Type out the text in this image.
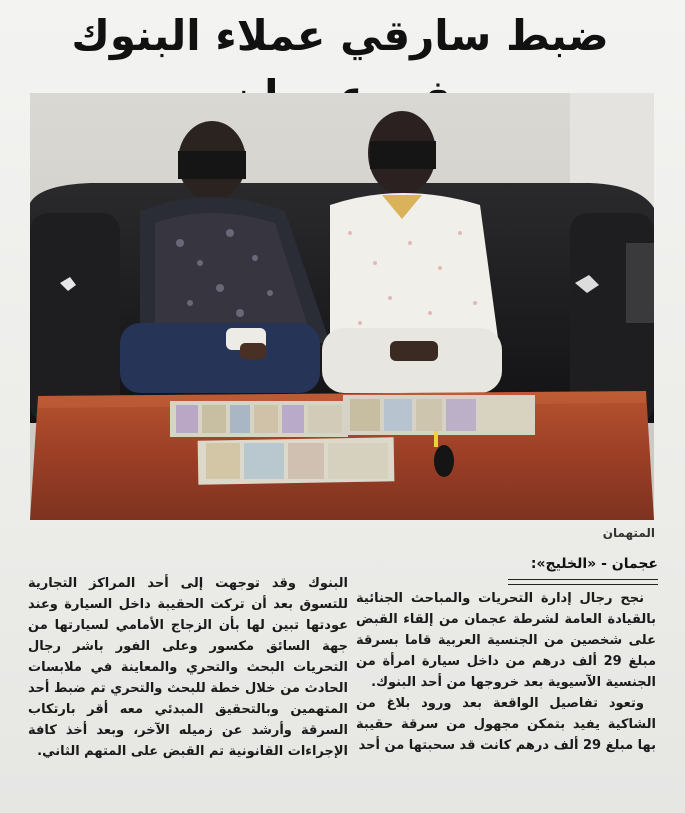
ضبط سارقي عملاء البنوك
المتهمان
عجمان - «الخليج»:

نجح رجال إدارة التحريات والمباحث الجنائية بالقيادة العامة لشرطة عجمان من إلقاء القبض على شخصين من الجنسية العربية قاما بسرقة مبلغ 29 ألف درهم من داخل سيارة امرأة من الجنسية الآسيوية بعد خروجها من أحد البنوك.

وتعود تفاصيل الواقعة بعد ورود بلاغ من الشاكية يفيد بتمكن مجهول من سرقة حقيبة بها مبلغ 29 ألف درهم كانت قد سحبتها من أحد

البنوك وقد توجهت إلى أحد المراكز التجارية للتسوق بعد أن تركت الحقيبة داخل السيارة وعند عودتها تبين لها بأن الزجاج الأمامي لسيارتها من جهة السائق مكسور وعلى الفور باشر رجال التحريات البحث والتحري والمعاينة في ملابسات الحادث من خلال خطة للبحث والتحري تم ضبط أحد المتهمين وبالتحقيق المبدئي معه أقر بارتكاب السرقة وأرشد عن زميله الآخر، وبعد أخذ كافة الإجراءات القانونية تم القبض على المتهم الثاني.
